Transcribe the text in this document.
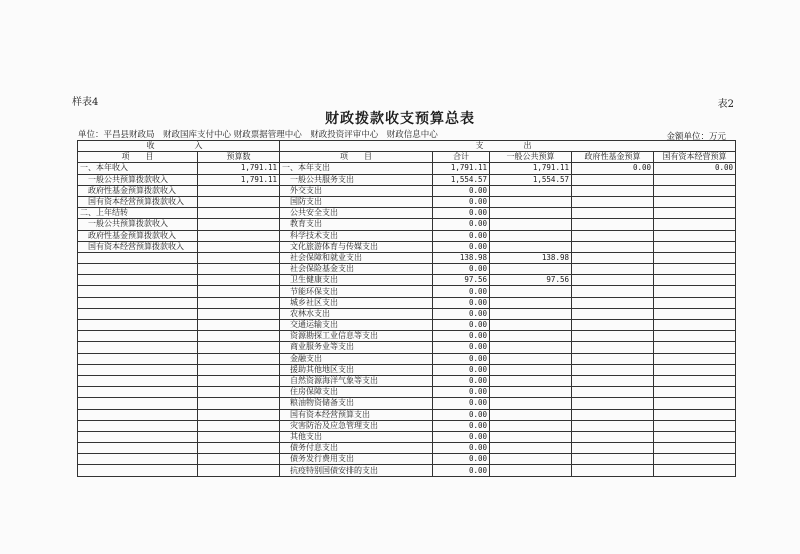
样表4	表2
财政拨款收支预算总表
单位：平昌县财政局　财政国库支付中心 财政票据管理中心　财政投资评审中心　财政信息中心	金额单位：万元
收　　入		支　　出				
项　　目	预算数	项　　目	合计	一般公共预算	政府性基金预算	国有资本经营预算
一、本年收入	1,791.11	一、本年支出	1,791.11	1,791.11	0.00	0.00
一般公共预算拨款收入	1,791.11	一般公共服务支出	1,554.57	1,554.57		
政府性基金预算拨款收入		外交支出	0.00			
国有资本经营预算拨款收入		国防支出	0.00			
二、上年结转		公共安全支出	0.00			
一般公共预算拨款收入		教育支出	0.00			
政府性基金预算拨款收入		科学技术支出	0.00			
国有资本经营预算拨款收入		文化旅游体育与传媒支出	0.00			
		社会保障和就业支出	138.98	138.98		
		社会保险基金支出	0.00			
		卫生健康支出	97.56	97.56		
		节能环保支出	0.00			
		城乡社区支出	0.00			
		农林水支出	0.00			
		交通运输支出	0.00			
		资源勘探工业信息等支出	0.00			
		商业服务业等支出	0.00			
		金融支出	0.00			
		援助其他地区支出	0.00			
		自然资源海洋气象等支出	0.00			
		住房保障支出	0.00			
		粮油物资储备支出	0.00			
		国有资本经营预算支出	0.00			
		灾害防治及应急管理支出	0.00			
		其他支出	0.00			
		债务付息支出	0.00			
		债务发行费用支出	0.00			
		抗疫特别国债安排的支出	0.00			
